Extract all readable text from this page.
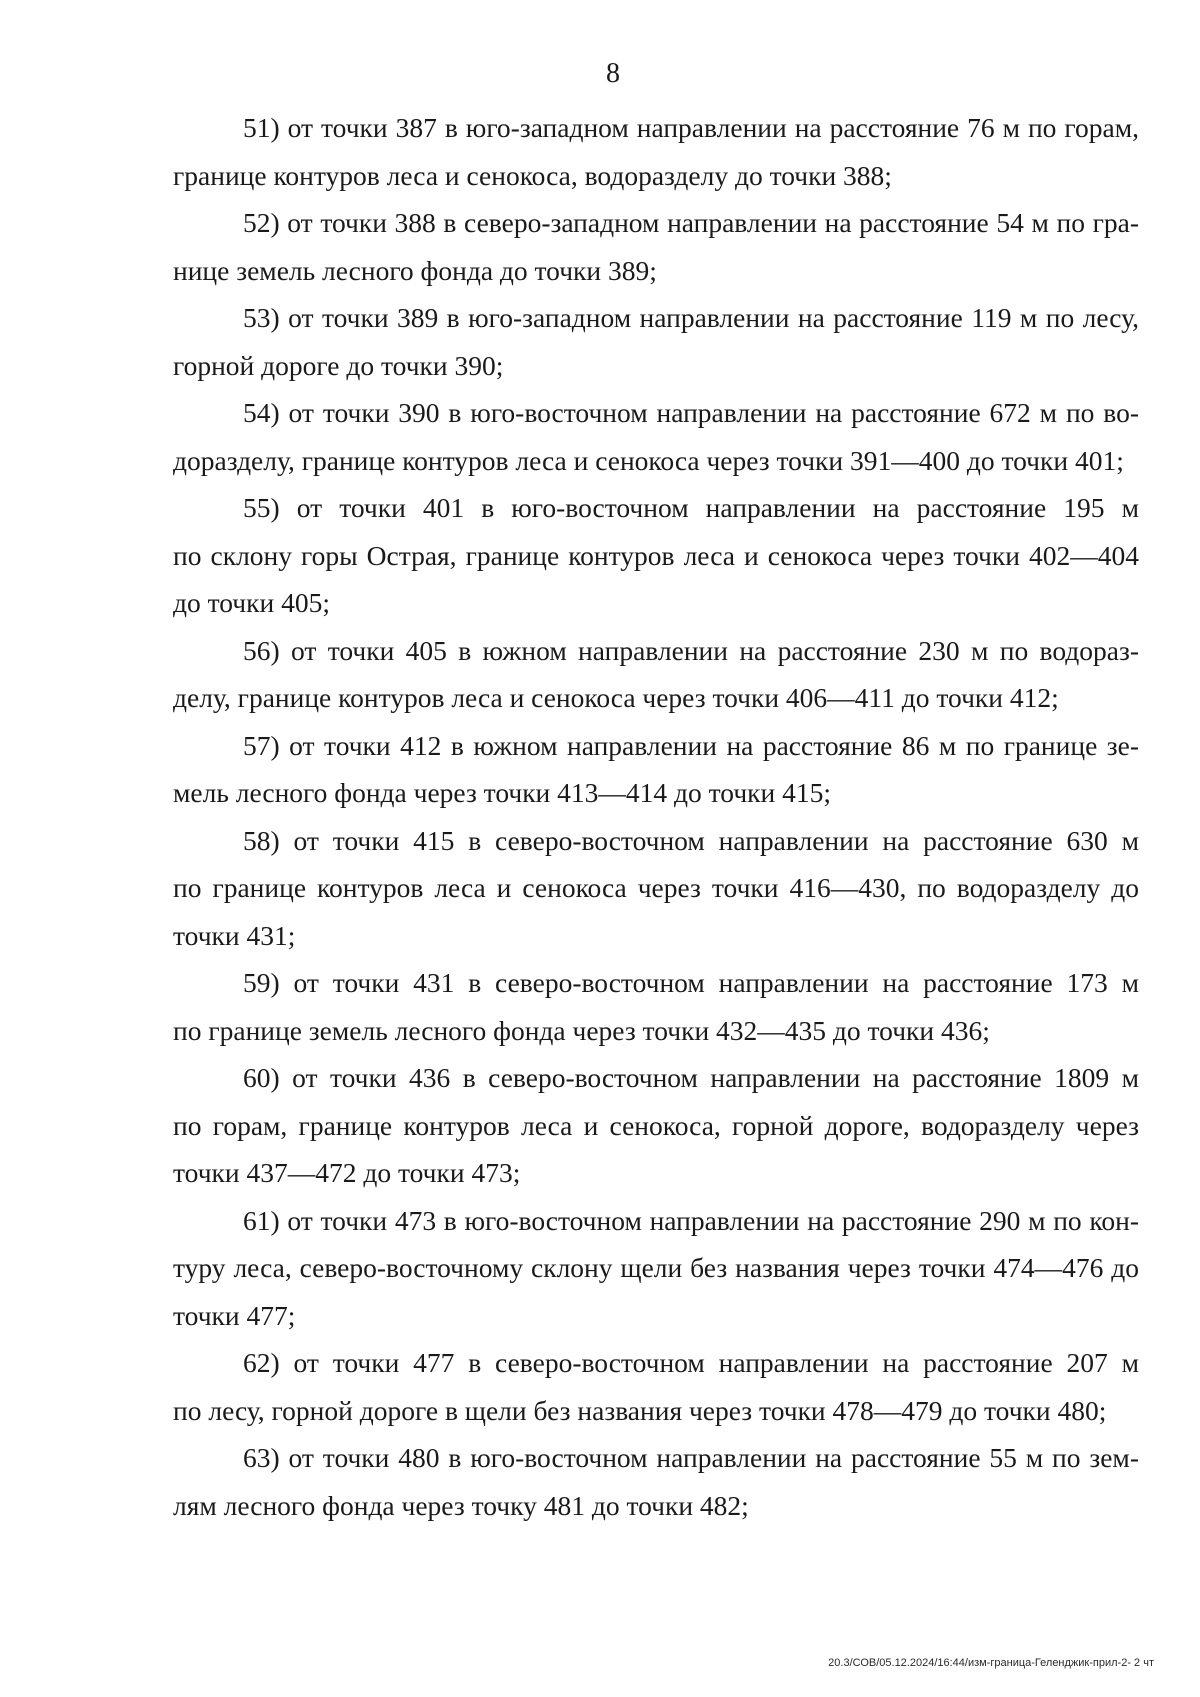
8
51) от точки 387 в юго-западном направлении на расстояние 76 м по горам,
границе контуров леса и сенокоса, водоразделу до точки 388;
52) от точки 388 в северо-западном направлении на расстояние 54 м по гра-
нице земель лесного фонда до точки 389;
53) от точки 389 в юго-западном направлении на расстояние 119 м по лесу,
горной дороге до точки 390;
54) от точки 390 в юго-восточном направлении на расстояние 672 м по во-
доразделу, границе контуров леса и сенокоса через точки 391—400 до точки 401;
55) от точки 401 в юго-восточном направлении на расстояние 195 м
по склону горы Острая, границе контуров леса и сенокоса через точки 402—404
до точки 405;
56) от точки 405 в южном направлении на расстояние 230 м по водораз-
делу, границе контуров леса и сенокоса через точки 406—411 до точки 412;
57) от точки 412 в южном направлении на расстояние 86 м по границе зе-
мель лесного фонда через точки 413—414 до точки 415;
58) от точки 415 в северо-восточном направлении на расстояние 630 м
по границе контуров леса и сенокоса через точки 416—430, по водоразделу до
точки 431;
59) от точки 431 в северо-восточном направлении на расстояние 173 м
по границе земель лесного фонда через точки 432—435 до точки 436;
60) от точки 436 в северо-восточном направлении на расстояние 1809 м
по горам, границе контуров леса и сенокоса, горной дороге, водоразделу через
точки 437—472 до точки 473;
61) от точки 473 в юго-восточном направлении на расстояние 290 м по кон-
туру леса, северо-восточному склону щели без названия через точки 474—476 до
точки 477;
62) от точки 477 в северо-восточном направлении на расстояние 207 м
по лесу, горной дороге в щели без названия через точки 478—479 до точки 480;
63) от точки 480 в юго-восточном направлении на расстояние 55 м по зем-
лям лесного фонда через точку 481 до точки 482;
20.3/СОВ/05.12.2024/16:44/изм-граница-Геленджик-прил-2- 2 чт
